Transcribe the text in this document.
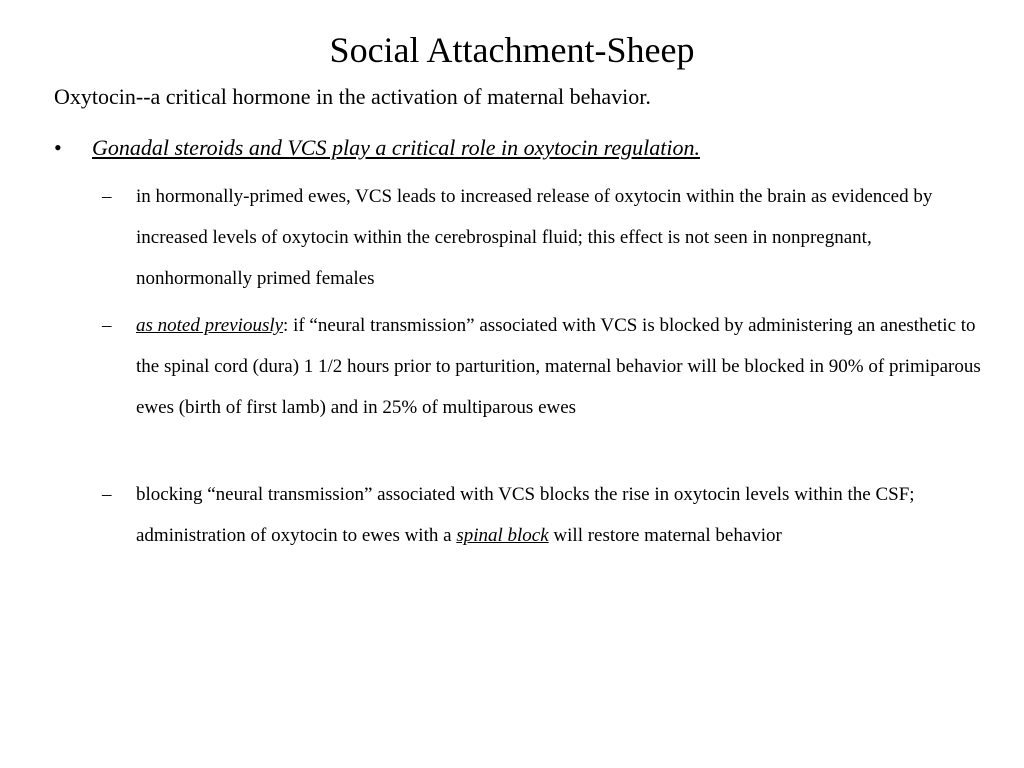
Social Attachment-Sheep
Oxytocin--a critical hormone in the activation of maternal behavior.
• Gonadal steroids and VCS play a critical role in oxytocin regulation.
– in hormonally-primed ewes, VCS leads to increased release of oxytocin within the brain as evidenced by increased levels of oxytocin within the cerebrospinal fluid; this effect is not seen in nonpregnant, nonhormonally primed females
– as noted previously: if “neural transmission” associated with VCS is blocked by administering an anesthetic to the spinal cord (dura) 1 1/2 hours prior to parturition, maternal behavior will be blocked in 90% of primiparous ewes (birth of first lamb) and in 25% of multiparous ewes
– blocking “neural transmission” associated with VCS blocks the rise in oxytocin levels within the CSF; administration of oxytocin to ewes with a spinal block will restore maternal behavior
